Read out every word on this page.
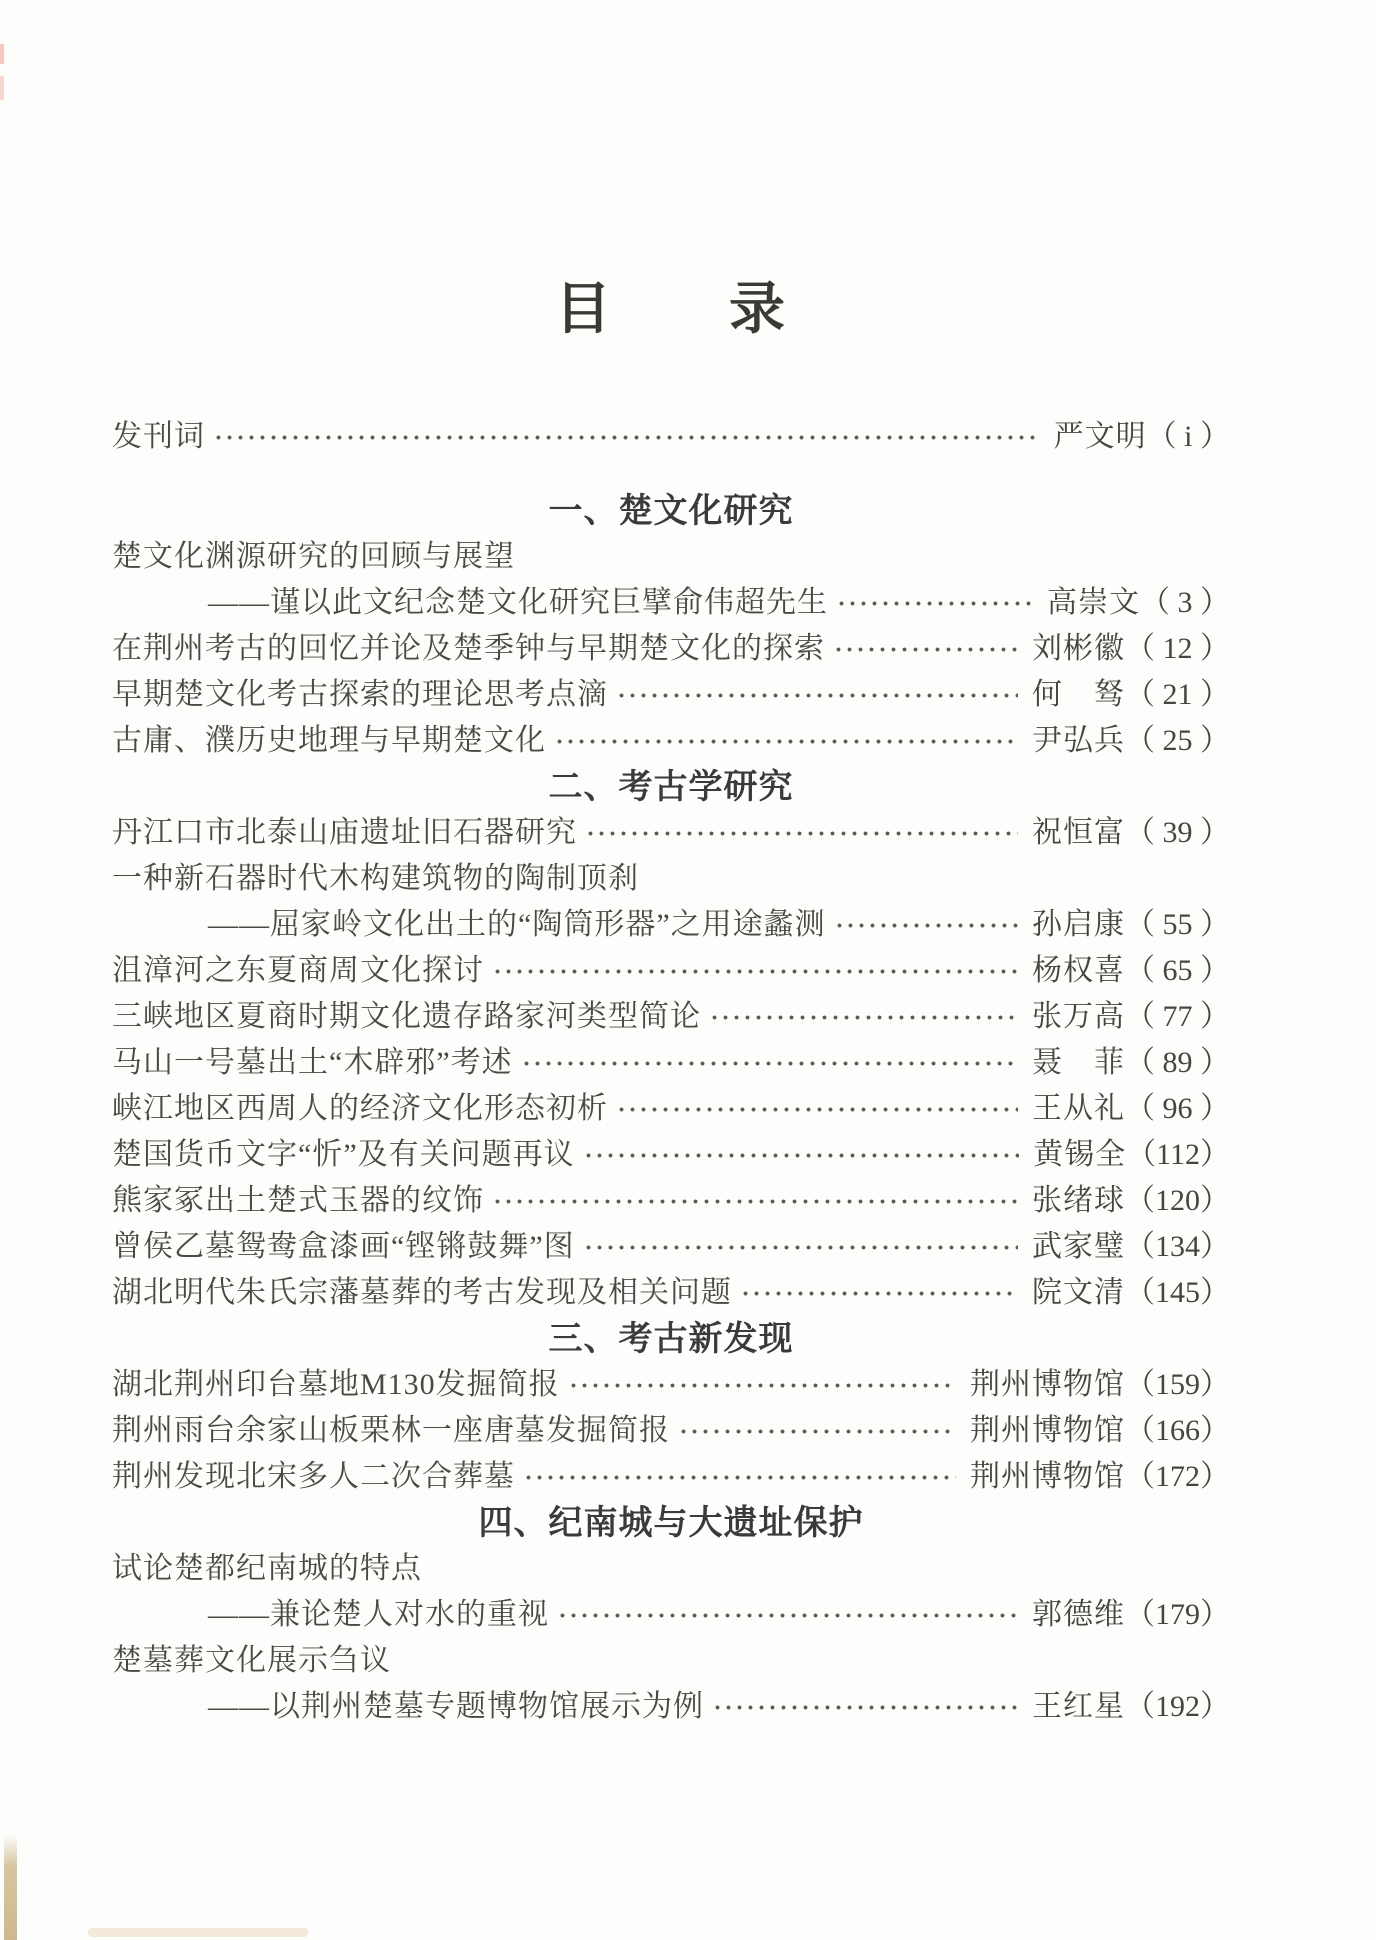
目　　录
发刊词	严文明 （ i ）
一、楚文化研究
楚文化渊源研究的回顾与展望
——谨以此文纪念楚文化研究巨擘俞伟超先生	高崇文 （ 3 ）
在荆州考古的回忆并论及楚季钟与早期楚文化的探索	刘彬徽 （ 12 ）
早期楚文化考古探索的理论思考点滴	何　驽 （ 21 ）
古庸、濮历史地理与早期楚文化	尹弘兵 （ 25 ）
二、考古学研究
丹江口市北泰山庙遗址旧石器研究	祝恒富 （ 39 ）
一种新石器时代木构建筑物的陶制顶刹
——屈家岭文化出土的“陶筒形器”之用途蠡测	孙启康 （ 55 ）
沮漳河之东夏商周文化探讨	杨权喜 （ 65 ）
三峡地区夏商时期文化遗存路家河类型简论	张万高 （ 77 ）
马山一号墓出土“木辟邪”考述	聂　菲 （ 89 ）
峡江地区西周人的经济文化形态初析	王从礼 （ 96 ）
楚国货币文字“忻”及有关问题再议	黄锡全 （112）
熊家冢出土楚式玉器的纹饰	张绪球 （120）
曾侯乙墓鸳鸯盒漆画“铿锵鼓舞”图	武家璧 （134）
湖北明代朱氏宗藩墓葬的考古发现及相关问题	院文清 （145）
三、考古新发现
湖北荆州印台墓地M130发掘简报	荆州博物馆 （159）
荆州雨台余家山板栗林一座唐墓发掘简报	荆州博物馆 （166）
荆州发现北宋多人二次合葬墓	荆州博物馆 （172）
四、纪南城与大遗址保护
试论楚都纪南城的特点
——兼论楚人对水的重视	郭德维 （179）
楚墓葬文化展示刍议
——以荆州楚墓专题博物馆展示为例	王红星 （192）
